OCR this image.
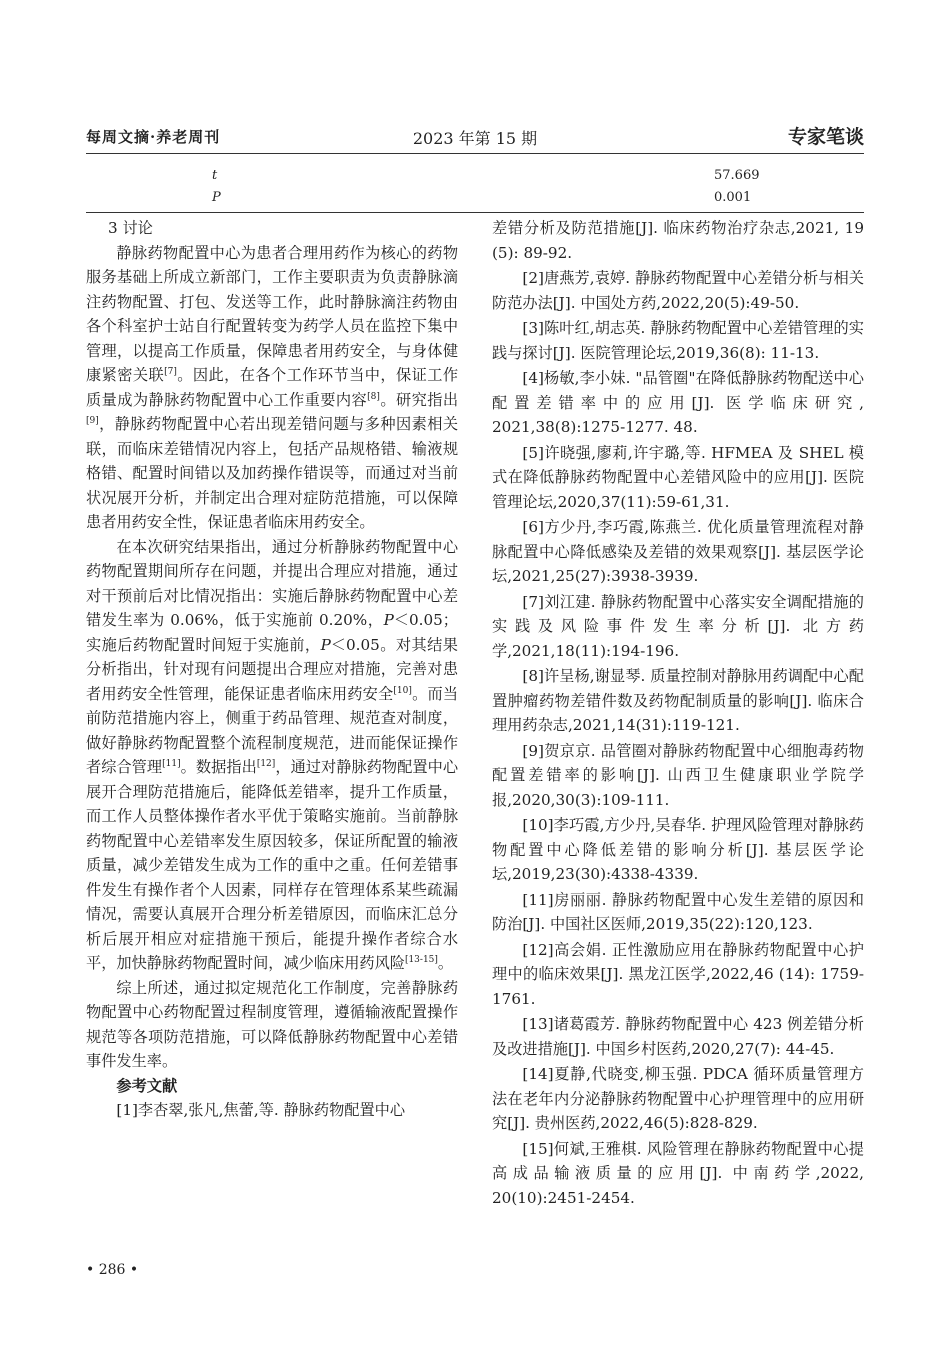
每周文摘·养老周刊	2023 年第 15 期	专家笔谈
t	57.669
P	0.001

3 讨论

静脉药物配置中心为患者合理用药作为核心的药物服务基础上所成立新部门，工作主要职责为负责静脉滴注药物配置、打包、发送等工作，此时静脉滴注药物由各个科室护士站自行配置转变为药学人员在监控下集中管理，以提高工作质量，保障患者用药安全，与身体健康紧密关联[7]。因此，在各个工作环节当中，保证工作质量成为静脉药物配置中心工作重要内容[8]。研究指出[9]，静脉药物配置中心若出现差错问题与多种因素相关联，而临床差错情况内容上，包括产品规格错、输液规格错、配置时间错以及加药操作错误等，而通过对当前状况展开分析，并制定出合理对症防范措施，可以保障患者用药安全性，保证患者临床用药安全。

在本次研究结果指出，通过分析静脉药物配置中心药物配置期间所存在问题，并提出合理应对措施，通过对干预前后对比情况指出：实施后静脉药物配置中心差错发生率为 0.06%，低于实施前 0.20%，P＜0.05；实施后药物配置时间短于实施前，P＜0.05。对其结果分析指出，针对现有问题提出合理应对措施，完善对患者用药安全性管理，能保证患者临床用药安全[10]。而当前防范措施内容上，侧重于药品管理、规范查对制度，做好静脉药物配置整个流程制度规范，进而能保证操作者综合管理[11]。数据指出[12]，通过对静脉药物配置中心展开合理防范措施后，能降低差错率，提升工作质量，而工作人员整体操作者水平优于策略实施前。当前静脉药物配置中心差错率发生原因较多，保证所配置的输液质量，减少差错发生成为工作的重中之重。任何差错事件发生有操作者个人因素，同样存在管理体系某些疏漏情况，需要认真展开合理分析差错原因，而临床汇总分析后展开相应对症措施干预后，能提升操作者综合水平，加快静脉药物配置时间，减少临床用药风险[13-15]。

综上所述，通过拟定规范化工作制度，完善静脉药物配置中心药物配置过程制度管理，遵循输液配置操作规范等各项防范措施，可以降低静脉药物配置中心差错事件发生率。

参考文献

[1]李杏翠,张凡,焦蕾,等. 静脉药物配置中心

差错分析及防范措施[J]. 临床药物治疗杂志,2021, 19 (5): 89-92.

[2]唐燕芳,袁婷. 静脉药物配置中心差错分析与相关防范办法[J]. 中国处方药,2022,20(5):49-50.

[3]陈叶红,胡志英. 静脉药物配置中心差错管理的实践与探讨[J]. 医院管理论坛,2019,36(8): 11-13.

[4]杨敏,李小妹. "品管圈"在降低静脉药物配送中心配置差错率中的应用[J]. 医学临床研究, 2021,38(8):1275-1277. 48.

[5]许晓强,廖莉,许宇璐,等. HFMEA 及 SHEL 模式在降低静脉药物配置中心差错风险中的应用[J]. 医院管理论坛,2020,37(11):59-61,31.

[6]方少丹,李巧霞,陈燕兰. 优化质量管理流程对静脉配置中心降低感染及差错的效果观察[J]. 基层医学论坛,2021,25(27):3938-3939.

[7]刘江建. 静脉药物配置中心落实安全调配措施的实践及风险事件发生率分析[J]. 北方药学,2021,18(11):194-196.

[8]许呈杨,谢显琴. 质量控制对静脉用药调配中心配置肿瘤药物差错件数及药物配制质量的影响[J]. 临床合理用药杂志,2021,14(31):119-121.

[9]贺京京. 品管圈对静脉药物配置中心细胞毒药物配置差错率的影响[J]. 山西卫生健康职业学院学报,2020,30(3):109-111.

[10]李巧霞,方少丹,吴春华. 护理风险管理对静脉药物配置中心降低差错的影响分析[J]. 基层医学论坛,2019,23(30):4338-4339.

[11]房丽丽. 静脉药物配置中心发生差错的原因和防治[J]. 中国社区医师,2019,35(22):120,123.

[12]高会娟. 正性激励应用在静脉药物配置中心护理中的临床效果[J]. 黑龙江医学,2022,46 (14): 1759-1761.

[13]诸葛霞芳. 静脉药物配置中心 423 例差错分析及改进措施[J]. 中国乡村医药,2020,27(7): 44-45.

[14]夏静,代晓变,柳玉强. PDCA 循环质量管理方法在老年内分泌静脉药物配置中心护理管理中的应用研究[J]. 贵州医药,2022,46(5):828-829.

[15]何斌,王雅棋. 风险管理在静脉药物配置中心提高成品输液质量的应用[J]. 中南药学,2022, 20(10):2451-2454.

• 286 •
